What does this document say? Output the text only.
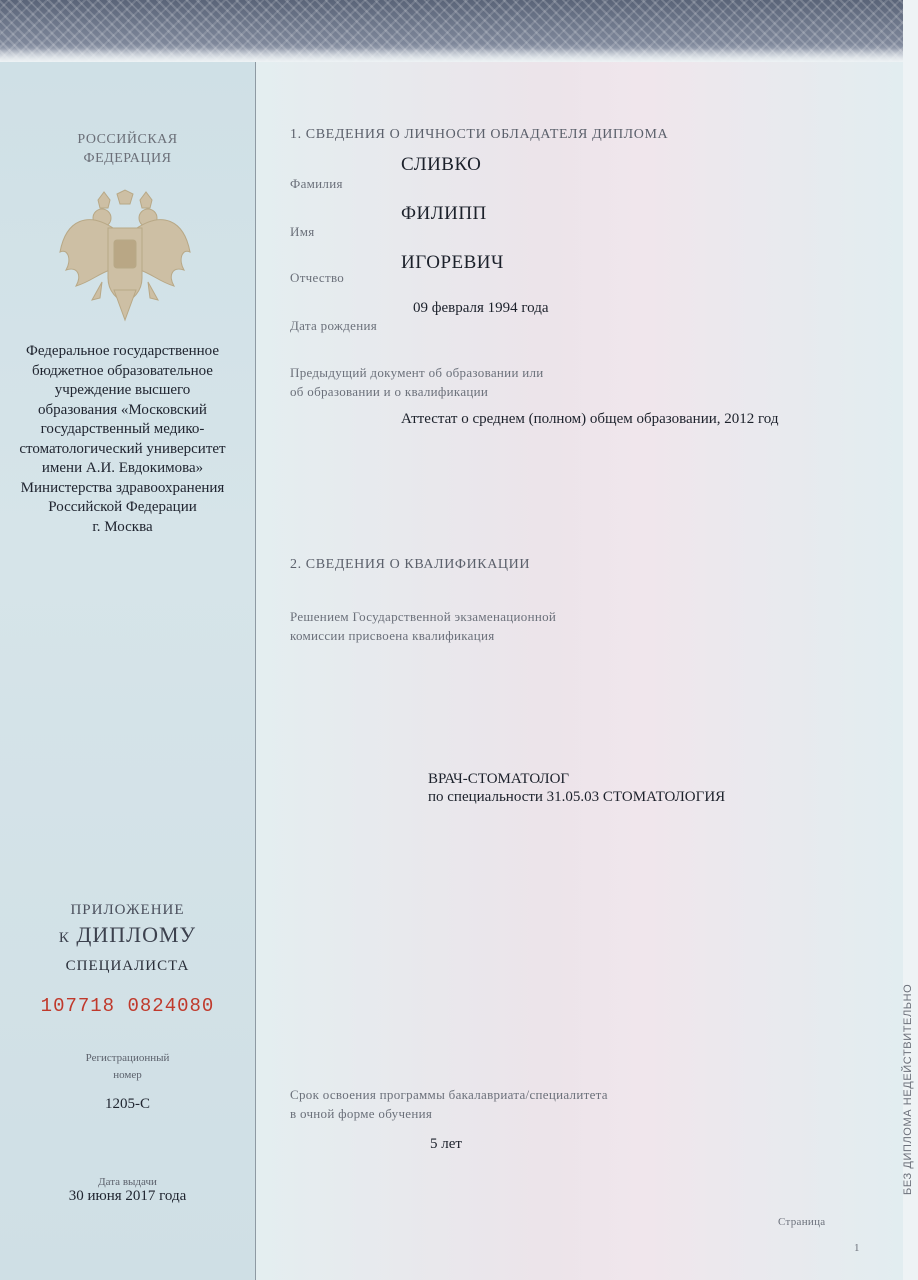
РОССИЙСКАЯ
ФЕДЕРАЦИЯ
Федеральное государственное
бюджетное образовательное
учреждение высшего
образования «Московский
государственный медико-
стоматологический университет
имени А.И. Евдокимова»
Министерства здравоохранения
Российской Федерации
г. Москва
ПРИЛОЖЕНИЕ
К ДИПЛОМУ
СПЕЦИАЛИСТА
107718 0824080
Регистрационный
номер
1205-С
Дата выдачи
30 июня 2017 года
1. СВЕДЕНИЯ О ЛИЧНОСТИ ОБЛАДАТЕЛЯ ДИПЛОМА
СЛИВКО
Фамилия
ФИЛИПП
Имя
ИГОРЕВИЧ
Отчество
09 февраля 1994 года
Дата рождения
Предыдущий документ об образовании или
об образовании и о квалификации
Аттестат о среднем (полном) общем образовании, 2012 год
2. СВЕДЕНИЯ О КВАЛИФИКАЦИИ
Решением Государственной экзаменационной
комиссии присвоена квалификация
ВРАЧ-СТОМАТОЛОГ
по специальности 31.05.03 СТОМАТОЛОГИЯ
Срок освоения программы бакалавриата/специалитета
в очной форме обучения
5 лет	БЕЗ ДИПЛОМА НЕДЕЙСТВИТЕЛЬНО
Страница
1
